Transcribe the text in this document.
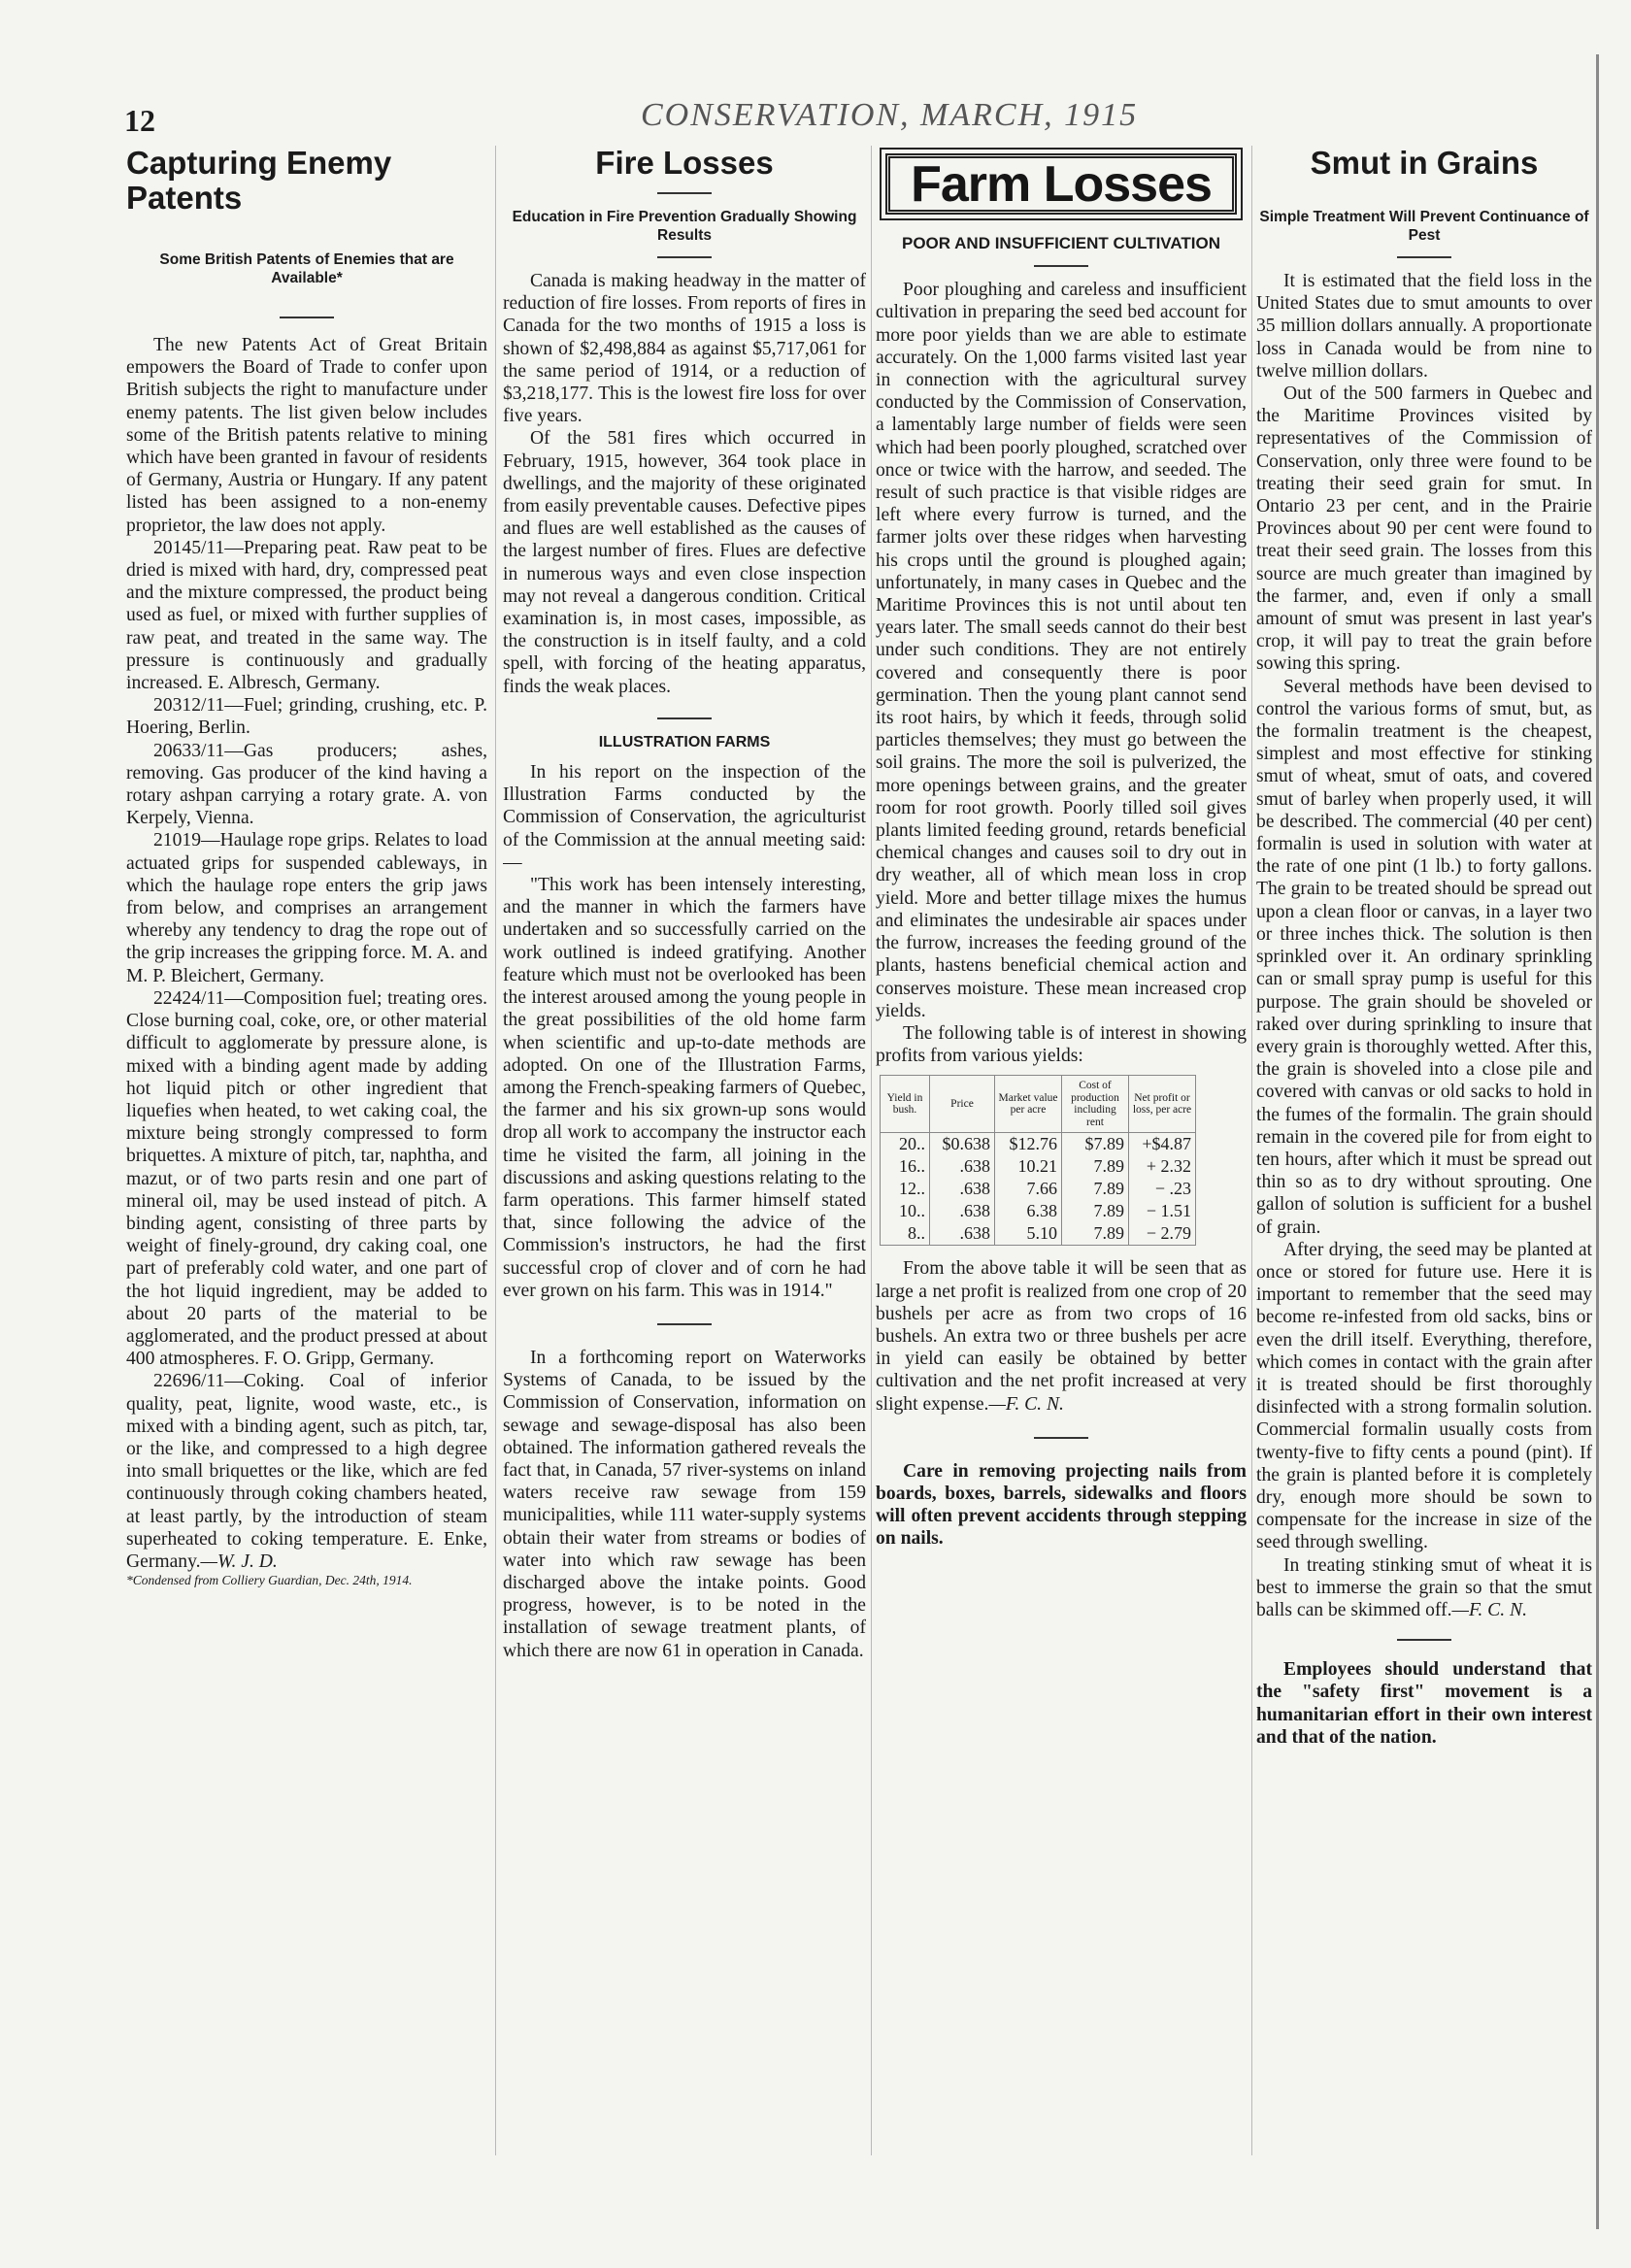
12	CONSERVATION, MARCH, 1915
Capturing Enemy Patents
Some British Patents of Enemies that are Available*

The new Patents Act of Great Britain empowers the Board of Trade to confer upon British subjects the right to manufacture under enemy patents. The list given below includes some of the British patents relative to mining which have been granted in favour of residents of Germany, Austria or Hungary. If any patent listed has been assigned to a non-enemy proprietor, the law does not apply.

20145/11—Preparing peat. Raw peat to be dried is mixed with hard, dry, compressed peat and the mixture compressed, the product being used as fuel, or mixed with further supplies of raw peat, and treated in the same way. The pressure is continuously and gradually increased. E. Albresch, Germany.

20312/11—Fuel; grinding, crushing, etc. P. Hoering, Berlin.

20633/11—Gas producers; ashes, removing. Gas producer of the kind having a rotary ashpan carrying a rotary grate. A. von Kerpely, Vienna.

21019—Haulage rope grips. Relates to load actuated grips for suspended cableways, in which the haulage rope enters the grip jaws from below, and comprises an arrangement whereby any tendency to drag the rope out of the grip increases the gripping force. M. A. and M. P. Bleichert, Germany.

22424/11—Composition fuel; treating ores. Close burning coal, coke, ore, or other material difficult to agglomerate by pressure alone, is mixed with a binding agent made by adding hot liquid pitch or other ingredient that liquefies when heated, to wet caking coal, the mixture being strongly compressed to form briquettes. A mixture of pitch, tar, naphtha, and mazut, or of two parts resin and one part of mineral oil, may be used instead of pitch. A binding agent, consisting of three parts by weight of finely-ground, dry caking coal, one part of preferably cold water, and one part of the hot liquid ingredient, may be added to about 20 parts of the material to be agglomerated, and the product pressed at about 400 atmospheres. F. O. Gripp, Germany.

22696/11—Coking. Coal of inferior quality, peat, lignite, wood waste, etc., is mixed with a binding agent, such as pitch, tar, or the like, and compressed to a high degree into small briquettes or the like, which are fed continuously through coking chambers heated, at least partly, by the introduction of steam superheated to coking temperature. E. Enke, Germany.—W. J. D.

*Condensed from Colliery Guardian, Dec. 24th, 1914.

Fire Losses
Education in Fire Prevention Gradually Showing Results

Canada is making headway in the matter of reduction of fire losses. From reports of fires in Canada for the two months of 1915 a loss is shown of $2,498,884 as against $5,717,061 for the same period of 1914, or a reduction of $3,218,177. This is the lowest fire loss for over five years.

Of the 581 fires which occurred in February, 1915, however, 364 took place in dwellings, and the majority of these originated from easily preventable causes. Defective pipes and flues are well established as the causes of the largest number of fires. Flues are defective in numerous ways and even close inspection may not reveal a dangerous condition. Critical examination is, in most cases, impossible, as the construction is in itself faulty, and a cold spell, with forcing of the heating apparatus, finds the weak places.

ILLUSTRATION FARMS

In his report on the inspection of the Illustration Farms conducted by the Commission of Conservation, the agriculturist of the Commission at the annual meeting said:—

"This work has been intensely interesting, and the manner in which the farmers have undertaken and so successfully carried on the work outlined is indeed gratifying. Another feature which must not be overlooked has been the interest aroused among the young people in the great possibilities of the old home farm when scientific and up-to-date methods are adopted. On one of the Illustration Farms, among the French-speaking farmers of Quebec, the farmer and his six grown-up sons would drop all work to accompany the instructor each time he visited the farm, all joining in the discussions and asking questions relating to the farm operations. This farmer himself stated that, since following the advice of the Commission's instructors, he had the first successful crop of clover and of corn he had ever grown on his farm. This was in 1914."

In a forthcoming report on Waterworks Systems of Canada, to be issued by the Commission of Conservation, information on sewage and sewage-disposal has also been obtained. The information gathered reveals the fact that, in Canada, 57 river-systems on inland waters receive raw sewage from 159 municipalities, while 111 water-supply systems obtain their water from streams or bodies of water into which raw sewage has been discharged above the intake points. Good progress, however, is to be noted in the installation of sewage treatment plants, of which there are now 61 in operation in Canada.

Farm Losses
POOR AND INSUFFICIENT CULTIVATION

Poor ploughing and careless and insufficient cultivation in preparing the seed bed account for more poor yields than we are able to estimate accurately. On the 1,000 farms visited last year in connection with the agricultural survey conducted by the Commission of Conservation, a lamentably large number of fields were seen which had been poorly ploughed, scratched over once or twice with the harrow, and seeded. The result of such practice is that visible ridges are left where every furrow is turned, and the farmer jolts over these ridges when harvesting his crops until the ground is ploughed again; unfortunately, in many cases in Quebec and the Maritime Provinces this is not until about ten years later. The small seeds cannot do their best under such conditions. They are not entirely covered and consequently there is poor germination. Then the young plant cannot send its root hairs, by which it feeds, through solid particles themselves; they must go between the soil grains. The more the soil is pulverized, the more openings between grains, and the greater room for root growth. Poorly tilled soil gives plants limited feeding ground, retards beneficial chemical changes and causes soil to dry out in dry weather, all of which mean loss in crop yield. More and better tillage mixes the humus and eliminates the undesirable air spaces under the furrow, increases the feeding ground of the plants, hastens beneficial chemical action and conserves moisture. These mean increased crop yields.

The following table is of interest in showing profits from various yields:

Yield in bush.	Price	Market value per acre	Cost of production including rent	Net profit or loss, per acre
20..	$0.638	$12.76	$7.89	+$4.87
16..	.638	10.21	7.89	+ 2.32
12..	.638	7.66	7.89	− .23
10..	.638	6.38	7.89	− 1.51
8..	.638	5.10	7.89	− 2.79

From the above table it will be seen that as large a net profit is realized from one crop of 20 bushels per acre as from two crops of 16 bushels. An extra two or three bushels per acre in yield can easily be obtained by better cultivation and the net profit increased at very slight expense.—F. C. N.

Care in removing projecting nails from boards, boxes, barrels, sidewalks and floors will often prevent accidents through stepping on nails.

Smut in Grains
Simple Treatment Will Prevent Continuance of Pest

It is estimated that the field loss in the United States due to smut amounts to over 35 million dollars annually. A proportionate loss in Canada would be from nine to twelve million dollars.

Out of the 500 farmers in Quebec and the Maritime Provinces visited by representatives of the Commission of Conservation, only three were found to be treating their seed grain for smut. In Ontario 23 per cent, and in the Prairie Provinces about 90 per cent were found to treat their seed grain. The losses from this source are much greater than imagined by the farmer, and, even if only a small amount of smut was present in last year's crop, it will pay to treat the grain before sowing this spring.

Several methods have been devised to control the various forms of smut, but, as the formalin treatment is the cheapest, simplest and most effective for stinking smut of wheat, smut of oats, and covered smut of barley when properly used, it will be described. The commercial (40 per cent) formalin is used in solution with water at the rate of one pint (1 lb.) to forty gallons. The grain to be treated should be spread out upon a clean floor or canvas, in a layer two or three inches thick. The solution is then sprinkled over it. An ordinary sprinkling can or small spray pump is useful for this purpose. The grain should be shoveled or raked over during sprinkling to insure that every grain is thoroughly wetted. After this, the grain is shoveled into a close pile and covered with canvas or old sacks to hold in the fumes of the formalin. The grain should remain in the covered pile for from eight to ten hours, after which it must be spread out thin so as to dry without sprouting. One gallon of solution is sufficient for a bushel of grain.

After drying, the seed may be planted at once or stored for future use. Here it is important to remember that the seed may become re-infested from old sacks, bins or even the drill itself. Everything, therefore, which comes in contact with the grain after it is treated should be first thoroughly disinfected with a strong formalin solution. Commercial formalin usually costs from twenty-five to fifty cents a pound (pint). If the grain is planted before it is completely dry, enough more should be sown to compensate for the increase in size of the seed through swelling.

In treating stinking smut of wheat it is best to immerse the grain so that the smut balls can be skimmed off.—F. C. N.

Employees should understand that the "safety first" movement is a humanitarian effort in their own interest and that of the nation.
